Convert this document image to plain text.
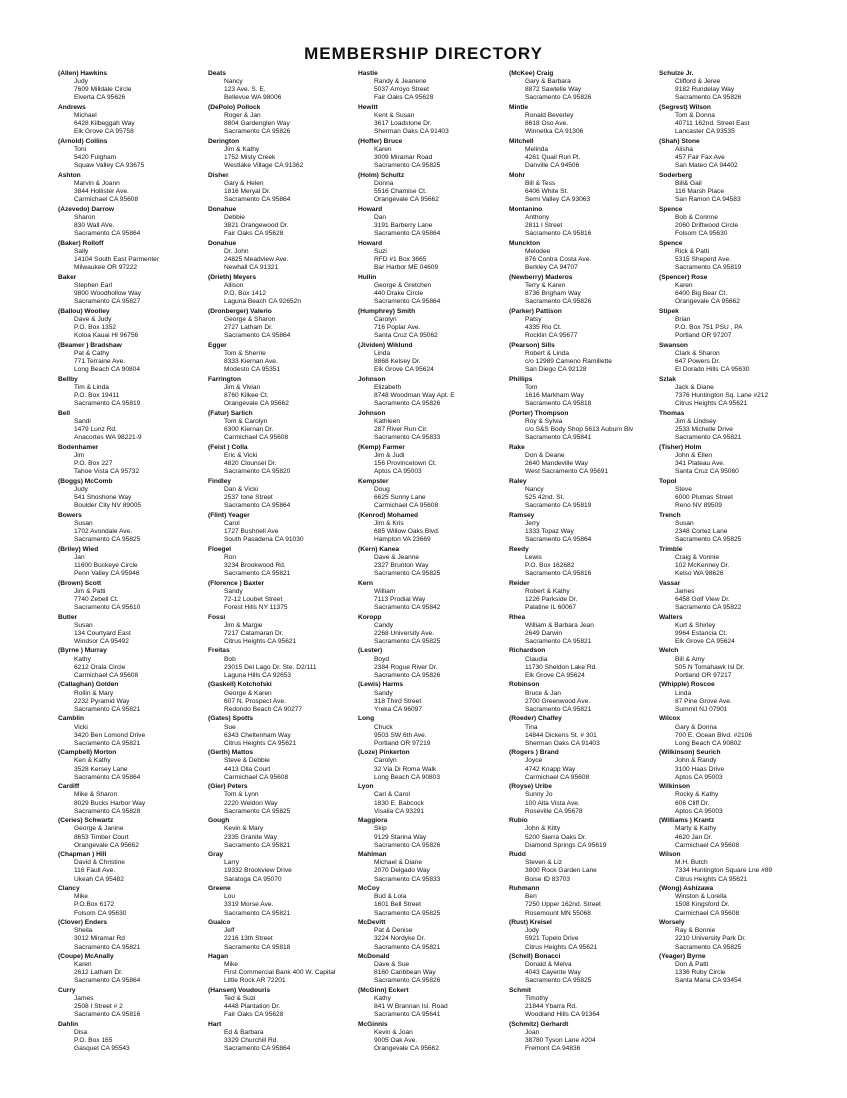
MEMBERSHIP DIRECTORY
(Allen) Hawkins
Judy
7609 Milldale Circle
Elverta CA 95626
Andrews
Michael
6428 Kilbeggah Way
Elk Grove CA 95758
(Arnold) Collins
Toni
5420 Fulgham
Squaw Valley CA 93675
Ashton
Marvin & Joann
3844 Hollister Ave.
Carmichael CA 95608
(Azevedo) Darrow
Sharon
830 Wall AVe.
Sacramento CA 95864
(Baker) Rolloff
Sally
14104 South East Parmenter
Milwaukee OR 97222
Baker
Stephen Earl
9800 Woodhollow Way
Sacramento CA 95827
(Ballou) Woolley
Dave & Judy
P.O. Box 1352
Koloa Kauai HI 96756
(Beamer ) Bradshaw
Pat & Cathy
771 Terraine Ave.
Long Beach CA 90804
Bellby
Tim & Linda
P.O. Box 19411
Sacramento CA 95819
Bell
Sandi
1479 Lunz Rd.
Anacortes WA 98221-9
Bodenhamer
Jim
P.O. Box 227
Tahoe Vista CA 95732
(Boggs) McComb
Judy
541 Shoshone Way
Boulder City NV 89005
Bowers
Susan
1702 Avondale Ave.
Sacramento CA 95825
(Briley) Wied
Jan
11600 Buckeye Circle
Penn Valley CA 95946
(Brown) Scott
Jim & Patti
7740 Zebell Ct.
Sacramento CA 95610
Butler
Susan
134 Courtyard East
Windsor CA 95492
(Byrne ) Murray
Kathy
6212 Orala Circle
Carmichael CA 95608
(Callaghan) Golden
Rollin & Mary
2232 Pyramid Way
Sacramento CA 95821
Camblin
Vicki
3420 Ben Lomond Drive
Sacramento CA 95821
(Campbell) Morton
Ken & Kathy
3528 Kersey Lane
Sacramento CA 95864
Cardiff
Mike & Sharon
8029 Bucks Harbor Way
Sacramento CA 95828
(Ceries) Schwartz
George & Janine
8653 Timber Court
Orangevale CA 95662
(Chapman ) Hill
David & Christine
116 Faull Ave.
Ukeah CA 95482
Clancy
Mike
P.O.Box 6172
Folsom CA 95630
(Clover) Enders
Sheila
3012 Miramar Rd
Sacramento CA 95821
(Coupe) McAnally
Karen
2612 Latham Dr.
Sacramento CA 95864
Curry
James
2508 I Street # 2
Sacramento CA 95816
Dahlin
Disa
P.O. Box 165
Gasquet CA 95543
Deats
Nancy
123 Ave. S. E.
Bellevue WA 98006
(DePolo) Pollock
Roger & Jan
8804 Gardenglen Way
Sacramento CA 95826
Derington
Jim & Kathy
1752 Misty Creek
Westlake Village CA 91362
Disher
Gary & Helen
1816 Meryal Dr.
Sacramento CA 95864
Donahue
Debbie
3821 Orangewood Dr.
Fair Oaks CA 95628
Donahue
Dr. John
24825 Meadview Ave.
Newhall CA 91321
(Drieth) Meyers
Allison
P.O. Box 1412
Laguna Beach CA 92652n
(Dronberger) Valerio
George & Sharon
2727 Latham Dr.
Sacramento CA 95864
Egger
Tom & Sherrie
8333 Kiernan Ave.
Modesto CA 95351
Farrington
Jim & Vivian
8760 Kilkee Ct.
Orangevale CA 95662
(Fatur) Sarlich
Tom & Carolyn
6300 Kiernan Dr.
Carmichael CA 95608
(Feist ) Colla
Eric & Vicki
4820 Clounsel Dr.
Sacramento CA 95820
Findley
Dan & Vicki
2537 Ione Street
Sacramento CA 95864
(Flint) Yeager
Carol
1727 Bushnell Ave
South Pasadena CA 91030
Floegel
Ron
3234 Brookwood Rd.
Sacramento CA 95821
(Florence ) Baxter
Sandy
72-12 Loubet Street
Forest Hills NY 11375
Fossi
Jim & Margie
7217 Catamaran Dr.
Citrus Heights CA 95621
Freitas
Bob
23015 Del Lago Dr. Ste. D2/111
Laguna Hills CA 92653
(Gaskell) Kotchofski
George & Karen
607 N. Prospect Ave.
Redondo Beach CA 90277
(Gates) Spotts
Sue
6343 Cheltenham Way
Citrus Heights CA 95621
(Gerth) Mattos
Steve & Debbie
4413 Olla Court
Carmichael CA 95608
(Gier) Peters
Tom & Lynn
2220 Weldon Way
Sacramento CA 95825
Gough
Kevin & Mary
2335 Granite Way
Sacramento CA 95821
Gray
Larry
19332 Brookview Drive
Saratoga CA 95070
Greene
Lou
3319 Morse Ave.
Sacramento CA 95821
Gualco
Jeff
2216 13th Street
Sacramento CA 95818
Hagan
Mike
First Commercial Bank 400 W. Capital
Little Rock AR 72201
(Hansen) Voudouris
Ted & Suzi
4448 Plantation Dr.
Fair Oaks CA 95628
Hart
Ed & Barbara
3329 Churchill Rd.
Sacramento CA 95864
Hastie
Randy & Jeanene
5037 Arroyo Street
Fair Oaks CA 95628
Hewitt
Kent & Susan
3617 Loadstone Dr.
Sherman Oaks CA 91403
(Hoffer) Bruce
Karen
3009 Miramar Road
Sacramento CA 95825
(Holm) Schultz
Donna
5516 Chamise Ct.
Orangevale CA 95662
Howard
Dan
3191 Barberry Lane
Sacramento CA 95864
Howard
Suzi
RFD #1 Box 3665
Bar Harbor ME 04609
Hullin
George & Gretchen
440 Drake Circle
Sacramento CA 95864
(Humphrey) Smith
Carolyn
716 Poplar Ave.
Santa Cruz CA 95062
(Jividen) Wiklund
Linda
8868 Kelsey Dr.
Elk Grove CA 95624
Johnson
Elizabeth
8748 Woodman Way Apt. E
Sacramento CA 95826
Johnson
Kathleen
287 River Run Cir.
Sacramento CA 95833
(Kemp) Farmer
Jim & Judi
156 Provincetown Ct.
Aptos CA 95003
Kempster
Doug
6625 Sunny Lane
Carmichael CA 95608
(Kenrod) Mohamed
Jim & Kris
685 Willow Oaks Blvd.
Hampton VA 23669
(Kern) Kanea
Dave & Jeanne
2327 Brunton Way
Sacramento CA 95825
Kern
William
7113 Prodial Way
Sacramento CA 95842
Koropp
Candy
2268 University Ave.
Sacramento CA 95825
(Lester)
Boyd
2384 Rogue River Dr.
Sacramento CA 95826
(Lewis) Harms
Sandy
318 Third Street
Yreka CA 96097
Long
Chuck
9503 SW 6th Ave.
Portland OR 97219
(Loze) Pinkerton
Carolyn
32 Via Di Roma Walk
Long Beach CA 90803
Lyon
Carl & Carol
1830 E. Babcock
Visalia CA 93291
Maggiora
Skip
9129 Starina Way
Sacramento CA 95826
Mahlman
Michael & Diane
2070 Delgado Way
Sacramento CA 95833
McCoy
Bud & Lola
1601 Bell Street
Sacramento CA 95825
McDevitt
Pat & Denise
3224 Nordyke Dr.
Sacramento CA 95821
McDonald
Dave & Sue
8160 Caribbean Way
Sacramento CA 95826
(McGinn) Eckert
Kathy
841 W Brannan Isl. Road
Sacramento CA 95641
McGinnis
Kevin & Joan
9005 Oak Ave.
Orangevale CA 95662
(McKee) Craig
Gary & Barbara
8872 Sawtelle Way
Sacramento CA 95826
Mintle
Ronald Beverley
8618 Oso Ave.
Winnetka CA 91306
Mitchell
Melinda
4261 Quail Run Pl.
Danville CA 94506
Mohr
Bill & Tess
6406 White St.
Semi Valley CA 93063
Montanino
Anthony
2811 I Street
Sacramento CA 95816
Munckton
Melodee
876 Contra Costa Ave.
Berkley CA 94707
(Newberry) Maderos
Terry & Karen
8736 Brigham Way
Sacramento CA 95826
(Parker) Pattison
Patsy
4335 Rio Ct.
Rocklin CA 95677
(Pearson) Sills
Robert & Linda
c/o 12989 Cameno Ramillette
San Diego CA 92128
Phillips
Tom
1616 Markham Way
Sacramento CA 95818
(Porter) Thompson
Roy & Sylvia
c/o S&S Body Shop 5613 Auburn Blv
Sacramento CA 95841
Rake
Don & Deane
2640 Mandeville Way
West Sacramento CA 95691
Raley
Nancy
525 42nd. St.
Sacramento CA 95819
Ramsey
Jerry
1333 Topaz Way
Sacramento CA 95864
Reedy
Lewis
P.O. Box 162682
Sacramento CA 95816
Reider
Robert & Kathy
1226 Parkside Dr.
Palatine IL 60067
Rhea
William & Barbara Jean
2649 Darwin
Sacramento CA 95821
Richardson
Claudia
11730 Sheldon Lake Rd.
Elk Grove CA 95624
Robinson
Bruce & Jan
2700 Greenwood Ave.
Sacramento CA 95821
(Roeder) Chalfey
Tina
14844 Dickens St. # 301
Sherman Oaks CA 91403
(Rogers ) Brand
Joyce
4742 Knapp Way
Carmichael CA 95608
(Royse) Uribe
Sunny Jo
100 Alta Vista Ave.
Roseville CA 95678
Rubio
John & Kitty
5200 Sierra Oaks Dr.
Diamond Springs CA 95619
Rudd
Steven & Liz
3800 Rock Garden Lane
Boise ID 83703
Ruhmann
Ben
7250 Upper 162nd. Street
Rosemount MN 55068
(Rust) Kreisel
Jody
5921 Tupelo Drive
Citrus Heights CA 95621
(Schell) Bonacci
Donald & Melva
4043 Cayente Way
Sacramento CA 95825
Schmit
Timothy
21844 Ybarra Rd.
Woodland Hills CA 91364
(Schmitz) Gerhardt
Joan
38780 Tyson Lane #204
Fremont CA 94836
Schulze Jr.
Clifford & Jeree
9182 Rundelay Way
Sacramento CA 95826
(Segrest) Wilson
Tom & Donna
40711 162nd. Street East
Lancaster CA 93535
(Shah) Stone
Alisha
457 Fair Fax Ave
San Mateo CA 94402
Soderberg
Bill& Gail
116 Marsh Place
San Ramon CA 94583
Spence
Bob & Corinne
2060 Driftwood Circle
Folsom CA 95630
Spence
Rick & Patti
5315 Sheperd Ave.
Sacramento CA 95819
(Spencer) Rose
Karen
6400 Big Bear Ct.
Orangevale CA 95662
Stipek
Brian
P.O. Box 751 PSU , PA
Portland OR 97207
Swanson
Clark & Sharon
647 Powers Dr.
El Dorado Hills CA 95630
Szlak
Jack & Diane
7376 Huntington Sq. Lane #212
Citrus Heights CA 95621
Thomas
Jim & Lindsey
2533 Michelle Drive
Sacramento CA 95821
(Tisher) Holm
John & Ellen
341 Plateau Ave.
Santa Cruz CA 95060
Topol
Steve
6000 Plumas Street
Reno NV 89509
Trench
Susan
2348 Cortez Lane
Sacramento CA 95825
Trimble
Craig & Vonnie
102 McKenney Dr.
Kelso WA 98626
Vassar
James
6458 Golf View Dr.
Sacramento CA 95822
Walters
Kurt & Shirley
9964 Estancia Ct.
Elk Grove CA 95624
Welch
Bill & Amy
505 N Tomahawk Isl Dr.
Portland OR 97217
(Whipple) Roscoe
Linda
87 Pine Grove Ave.
Summit NJ 07901
Wilcox
Gary & Donna
700 E. Ocean Blvd. #2106
Long Beach CA 90802
(Wilkinson) Seurich
John & Randy
3100 Haas Drive
Aptos CA 95003
Wilkinson
Rocky & Kathy
606 Cliff Dr.
Aptos CA 95003
(Williams ) Krantz
Marty & Kathy
4620 Jan Dr.
Carmichael CA 95608
Wilson
M.H. Butch
7334 Huntington Square Lne #89
Citrus Heights CA 95621
(Wong) Ashizawa
Winston & Lorella
1508 Kingsford Dr.
Carmichael CA 95608
Worsely
Ray & Bonnie
2210 University Park Dr.
Sacramento CA 95825
(Yeager) Byrne
Don & Patti
1336 Ruby Circle
Santa Maria CA 93454
